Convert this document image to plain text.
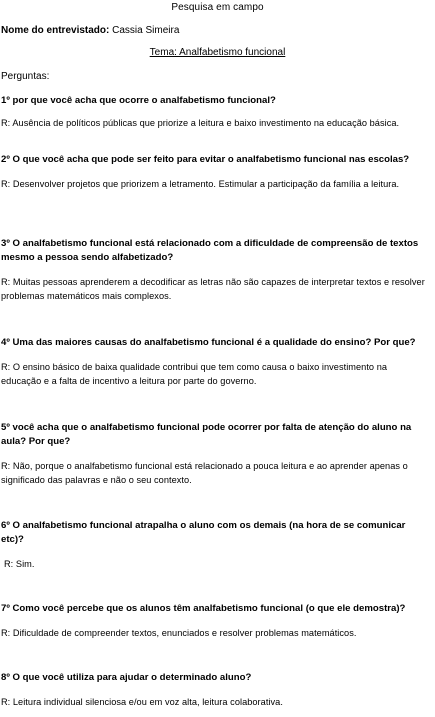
Pesquisa em campo
Nome do entrevistado: Cassia Simeira
Tema: Analfabetismo funcional
Perguntas:
1º por que você acha que ocorre o analfabetismo funcional?
R: Ausência de políticos públicas que priorize a leitura e baixo investimento na educação básica.
2º O que você acha que pode ser feito para evitar o analfabetismo funcional nas escolas?
R: Desenvolver projetos que priorizem a letramento. Estimular a participação da família a leitura.
3º O analfabetismo funcional está relacionado com a dificuldade de compreensão de textos mesmo a pessoa sendo alfabetizado?
R: Muitas pessoas aprenderem a decodificar as letras não são capazes de interpretar textos e resolver problemas matemáticos mais complexos.
4º Uma das maiores causas do analfabetismo funcional é a qualidade do ensino? Por que?
R: O ensino básico de baixa qualidade contribui que tem como causa o baixo investimento na educação e a falta de incentivo a leitura por parte do governo.
5º você acha que o analfabetismo funcional pode ocorrer por falta de atenção do aluno na aula? Por que?
R: Não, porque o analfabetismo funcional está relacionado a pouca leitura e ao aprender apenas o significado das palavras e não o seu contexto.
6º O analfabetismo funcional atrapalha o aluno com os demais (na hora de se comunicar etc)?
R: Sim.
7º Como você percebe que os alunos têm analfabetismo funcional (o que ele demostra)?
R: Dificuldade de compreender textos, enunciados e resolver problemas matemáticos.
8º O que você utiliza para ajudar o determinado aluno?
R: Leitura individual silenciosa e/ou em voz alta, leitura colaborativa.
